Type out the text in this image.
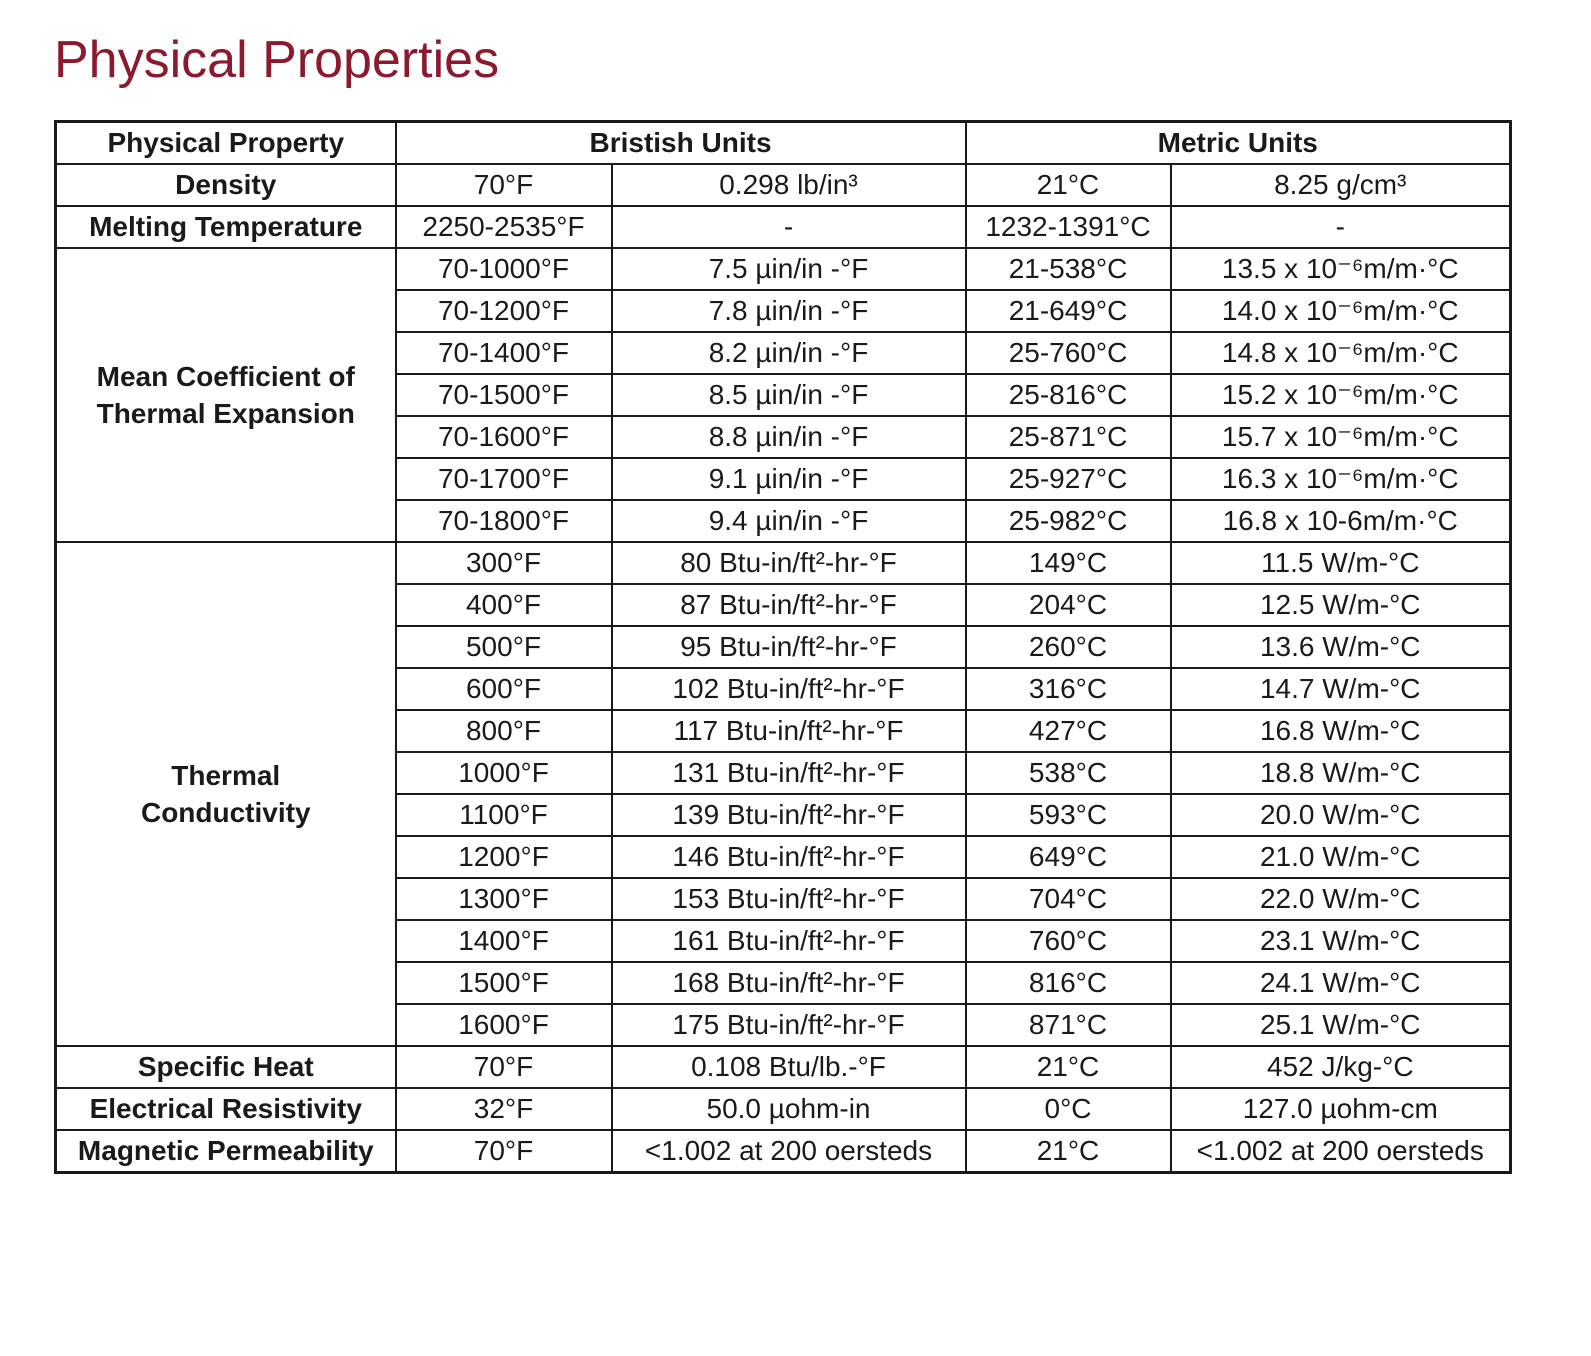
Physical Properties
Physical Property	Bristish Units		Metric Units	
Density	70°F	0.298 lb/in³	21°C	8.25 g/cm³
Melting Temperature	2250-2535°F	-	1232-1391°C	-
Mean Coefficient of Thermal Expansion	70-1000°F	7.5 µin/in -°F	21-538°C	13.5 x 10⁻⁶m/m·°C
	70-1200°F	7.8 µin/in -°F	21-649°C	14.0 x 10⁻⁶m/m·°C
	70-1400°F	8.2 µin/in -°F	25-760°C	14.8 x 10⁻⁶m/m·°C
	70-1500°F	8.5 µin/in -°F	25-816°C	15.2 x 10⁻⁶m/m·°C
	70-1600°F	8.8 µin/in -°F	25-871°C	15.7 x 10⁻⁶m/m·°C
	70-1700°F	9.1 µin/in -°F	25-927°C	16.3 x 10⁻⁶m/m·°C
	70-1800°F	9.4 µin/in -°F	25-982°C	16.8 x 10-6m/m·°C
Thermal Conductivity	300°F	80 Btu-in/ft²-hr-°F	149°C	11.5 W/m-°C
	400°F	87 Btu-in/ft²-hr-°F	204°C	12.5 W/m-°C
	500°F	95 Btu-in/ft²-hr-°F	260°C	13.6 W/m-°C
	600°F	102 Btu-in/ft²-hr-°F	316°C	14.7 W/m-°C
	800°F	117 Btu-in/ft²-hr-°F	427°C	16.8 W/m-°C
	1000°F	131 Btu-in/ft²-hr-°F	538°C	18.8 W/m-°C
	1100°F	139 Btu-in/ft²-hr-°F	593°C	20.0 W/m-°C
	1200°F	146 Btu-in/ft²-hr-°F	649°C	21.0 W/m-°C
	1300°F	153 Btu-in/ft²-hr-°F	704°C	22.0 W/m-°C
	1400°F	161 Btu-in/ft²-hr-°F	760°C	23.1 W/m-°C
	1500°F	168 Btu-in/ft²-hr-°F	816°C	24.1 W/m-°C
	1600°F	175 Btu-in/ft²-hr-°F	871°C	25.1 W/m-°C
Specific Heat	70°F	0.108 Btu/lb.-°F	21°C	452 J/kg-°C
Electrical Resistivity	32°F	50.0 µohm-in	0°C	127.0 µohm-cm
Magnetic Permeability	70°F	<1.002 at 200 oersteds	21°C	<1.002 at 200 oersteds
